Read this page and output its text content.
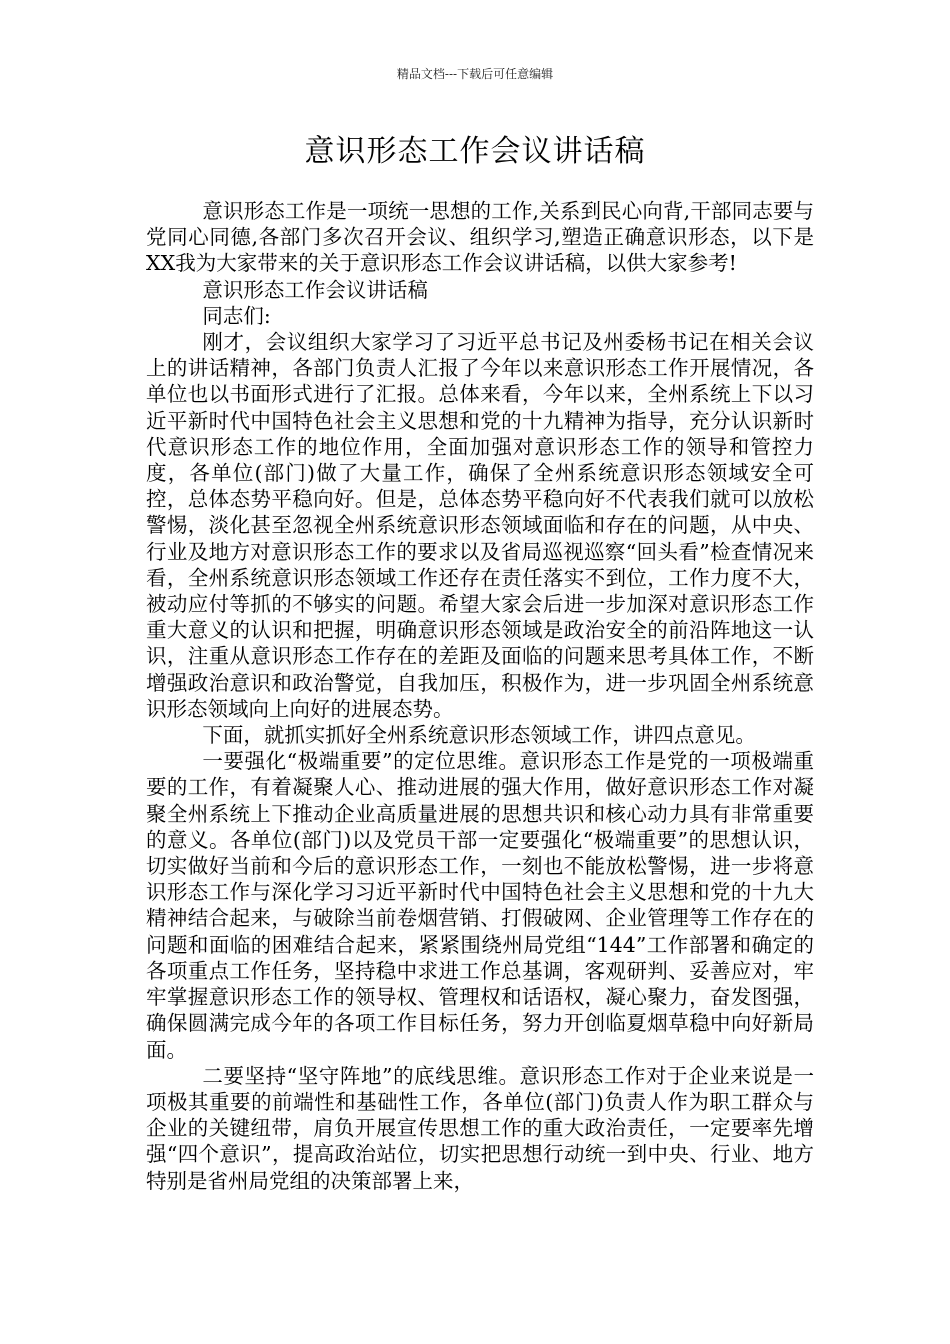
精品文档---下载后可任意编辑
意识形态工作会议讲话稿

意识形态工作是一项统一思想的工作,关系到民心向背,干部同志要与党同心同德,各部门多次召开会议、组织学习,塑造正确意识形态，以下是XX我为大家带来的关于意识形态工作会议讲话稿，以供大家参考!

意识形态工作会议讲话稿

同志们:

刚才，会议组织大家学习了习近平总书记及州委杨书记在相关会议上的讲话精神，各部门负责人汇报了今年以来意识形态工作开展情况，各单位也以书面形式进行了汇报。总体来看，今年以来，全州系统上下以习近平新时代中国特色社会主义思想和党的十九精神为指导，充分认识新时代意识形态工作的地位作用，全面加强对意识形态工作的领导和管控力度，各单位(部门)做了大量工作，确保了全州系统意识形态领域安全可控，总体态势平稳向好。但是，总体态势平稳向好不代表我们就可以放松警惕，淡化甚至忽视全州系统意识形态领域面临和存在的问题，从中央、行业及地方对意识形态工作的要求以及省局巡视巡察“回头看”检查情况来看，全州系统意识形态领域工作还存在责任落实不到位，工作力度不大，被动应付等抓的不够实的问题。希望大家会后进一步加深对意识形态工作重大意义的认识和把握，明确意识形态领域是政治安全的前沿阵地这一认识，注重从意识形态工作存在的差距及面临的问题来思考具体工作，不断增强政治意识和政治警觉，自我加压，积极作为，进一步巩固全州系统意识形态领域向上向好的进展态势。

下面，就抓实抓好全州系统意识形态领域工作，讲四点意见。

一要强化“极端重要”的定位思维。意识形态工作是党的一项极端重要的工作，有着凝聚人心、推动进展的强大作用，做好意识形态工作对凝聚全州系统上下推动企业高质量进展的思想共识和核心动力具有非常重要的意义。各单位(部门)以及党员干部一定要强化“极端重要”的思想认识，切实做好当前和今后的意识形态工作，一刻也不能放松警惕，进一步将意识形态工作与深化学习习近平新时代中国特色社会主义思想和党的十九大精神结合起来，与破除当前卷烟营销、打假破网、企业管理等工作存在的问题和面临的困难结合起来，紧紧围绕州局党组“144”工作部署和确定的各项重点工作任务，坚持稳中求进工作总基调，客观研判、妥善应对，牢牢掌握意识形态工作的领导权、管理权和话语权，凝心聚力，奋发图强，确保圆满完成今年的各项工作目标任务，努力开创临夏烟草稳中向好新局面。

二要坚持“坚守阵地”的底线思维。意识形态工作对于企业来说是一项极其重要的前端性和基础性工作，各单位(部门)负责人作为职工群众与企业的关键纽带，肩负开展宣传思想工作的重大政治责任，一定要率先增强“四个意识”，提高政治站位，切实把思想行动统一到中央、行业、地方特别是省州局党组的决策部署上来，
